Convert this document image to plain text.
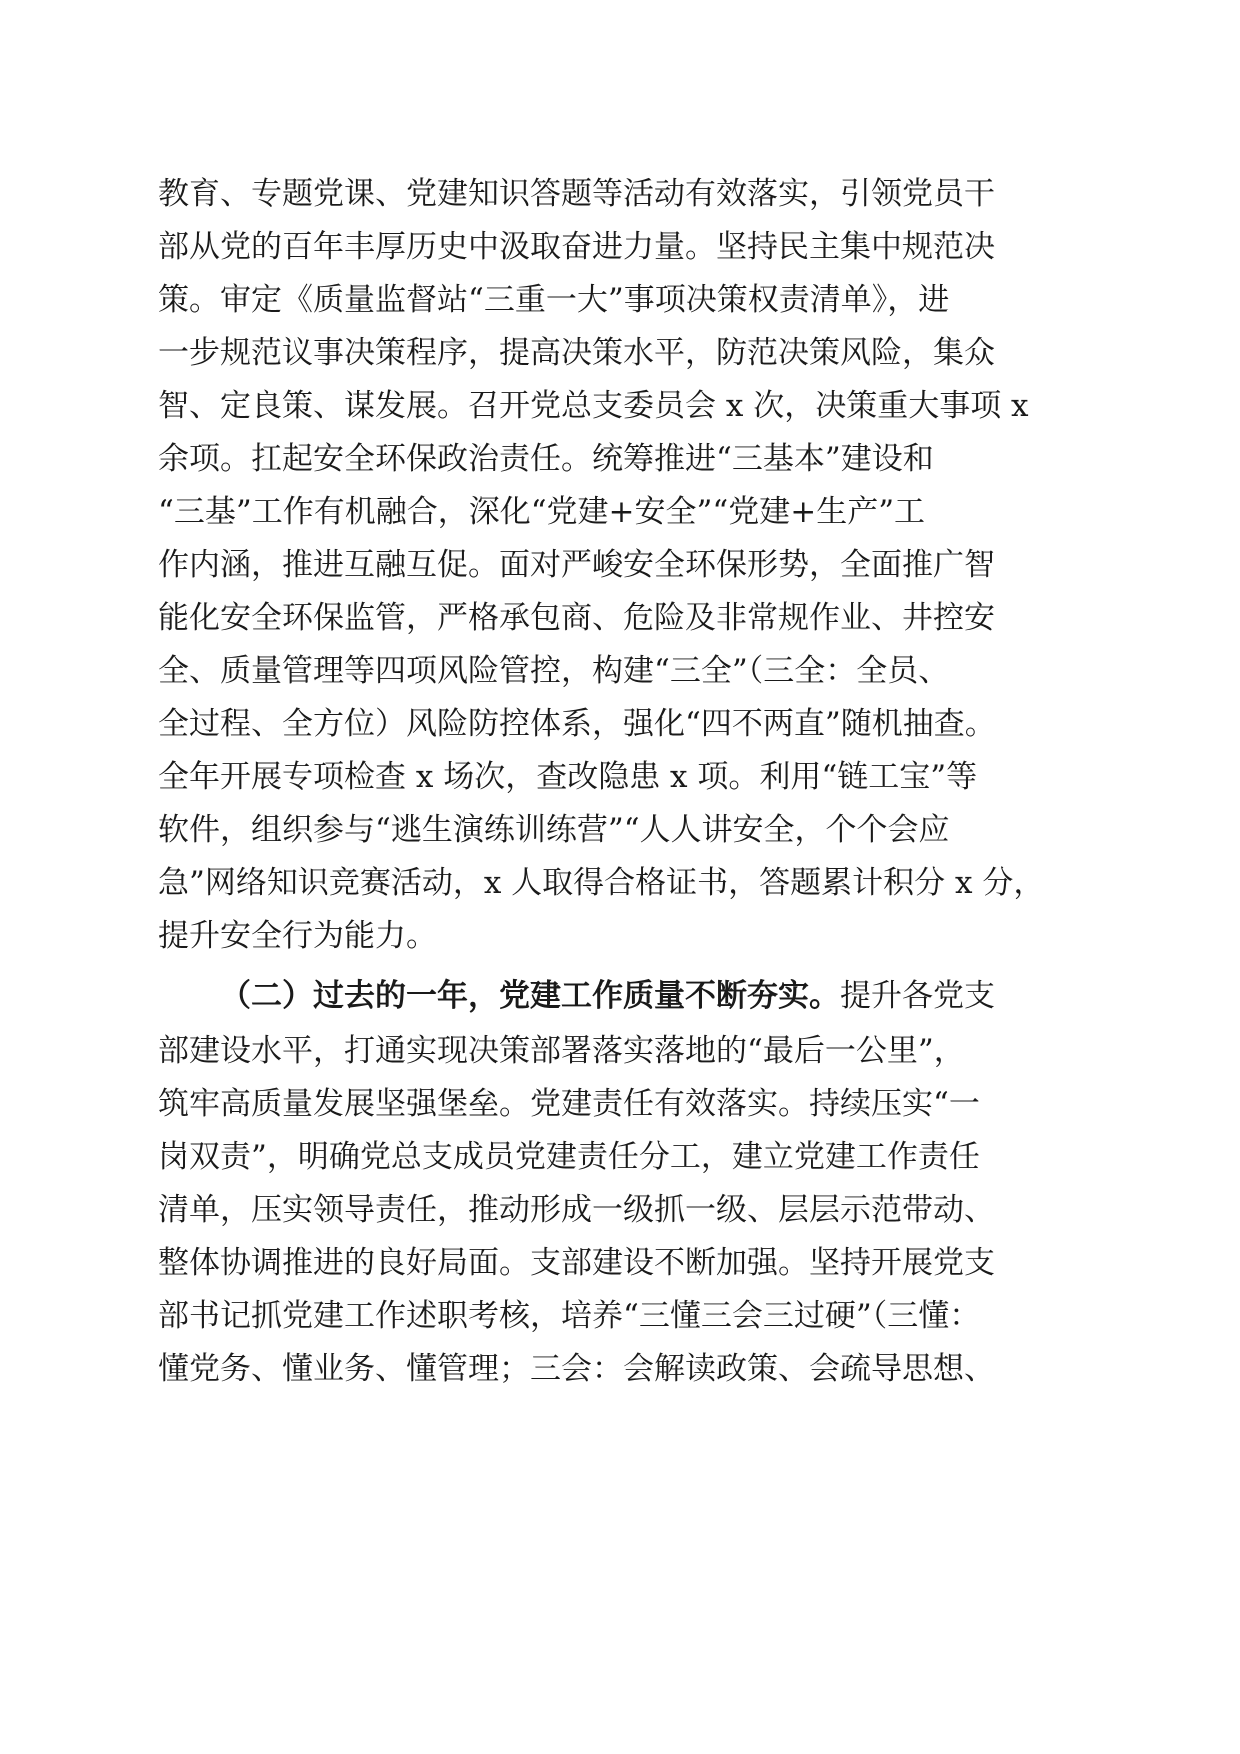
教育、专题党课、党建知识答题等活动有效落实，引领党员干
部从党的百年丰厚历史中汲取奋进力量。坚持民主集中规范决
策。审定《质量监督站“三重一大”事项决策权责清单》，进
一步规范议事决策程序，提高决策水平，防范决策风险，集众
智、定良策、谋发展。召开党总支委员会 x 次，决策重大事项 x
余项。扛起安全环保政治责任。统筹推进“三基本”建设和
“三基”工作有机融合，深化“党建+安全”“党建+生产”工
作内涵，推进互融互促。面对严峻安全环保形势，全面推广智
能化安全环保监管，严格承包商、危险及非常规作业、井控安
全、质量管理等四项风险管控，构建“三全”（三全：全员、
全过程、全方位）风险防控体系，强化“四不两直”随机抽查。
全年开展专项检查 x 场次，查改隐患 x 项。利用“链工宝”等
软件，组织参与“逃生演练训练营”“人人讲安全，个个会应
急”网络知识竞赛活动，x 人取得合格证书，答题累计积分 x 分，
提升安全行为能力。
（二）过去的一年，党建工作质量不断夯实。提升各党支
部建设水平，打通实现决策部署落实落地的“最后一公里”，
筑牢高质量发展坚强堡垒。党建责任有效落实。持续压实“一
岗双责”，明确党总支成员党建责任分工，建立党建工作责任
清单，压实领导责任，推动形成一级抓一级、层层示范带动、
整体协调推进的良好局面。支部建设不断加强。坚持开展党支
部书记抓党建工作述职考核，培养“三懂三会三过硬”（三懂：
懂党务、懂业务、懂管理；三会：会解读政策、会疏导思想、
